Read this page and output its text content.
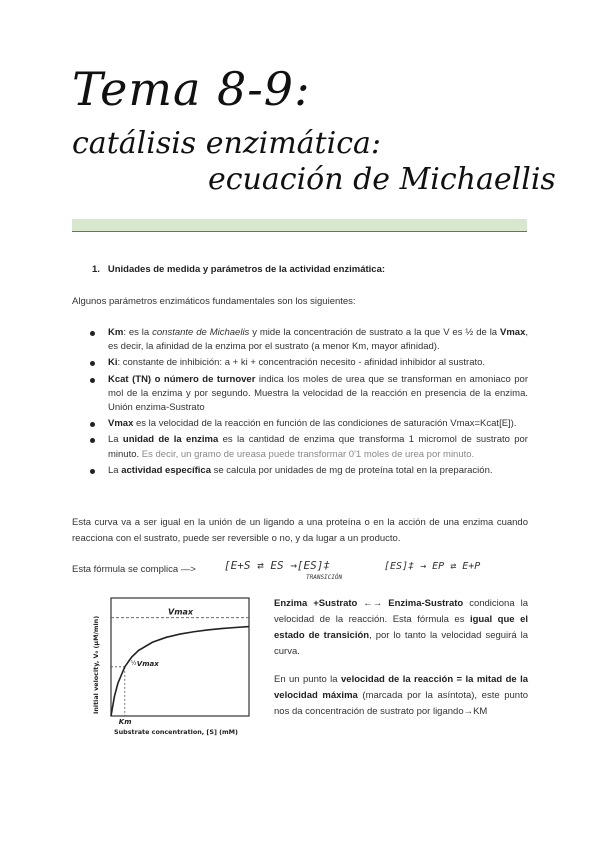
Tema 8-9:
catálisis enzimática:
ecuación de Michaellis
1.   Unidades de medida y parámetros de la actividad enzimática:
Algunos parámetros enzimáticos fundamentales son los siguientes:
Km: es la constante de Michaelis y mide la concentración de sustrato a la que V es ½ de la Vmax, es decir, la afinidad de la enzima por el sustrato (a menor Km, mayor afinidad).
Ki: constante de inhibición: a + ki + concentración necesito - afinidad inhibidor al sustrato.
Kcat (TN) o número de turnover indica los moles de urea que se transforman en amoniaco por mol de la enzima y por segundo. Muestra la velocidad de la reacción en presencia de la enzima. Unión enzima-Sustrato
Vmax es la velocidad de la reacción en función de las condiciones de saturación Vmax=Kcat[E]).
La unidad de la enzima es la cantidad de enzima que transforma 1 micromol de sustrato por minuto. Es decir, un gramo de ureasa puede transformar 0'1 moles de urea por minuto.
La actividad específica se calcula por unidades de mg de proteína total en la preparación.
Esta curva va a ser igual en la unión de un ligando a una proteína o en la acción de una enzima cuando reacciona con el sustrato, puede ser reversible o no, y da lugar a un producto.
Esta fórmula se complica —>	[E+S ⇄ ES →[ES]‡
TRANSICIÓN
[ES]‡ → EP ⇄ E+P
Vmax
½ Vmax
Km
Substrate concentration, [S] (mM)
Initial velocity, V₀ (µM/min)
Enzima +Sustrato ←→ Enzima-Sustrato condiciona la velocidad de la reacción. Esta fórmula es igual que el estado de transición, por lo tanto la velocidad seguirá la curva.
En un punto la velocidad de la reacción = la mitad de la velocidad máxima (marcada por la asíntota), este punto nos da concentración de sustrato por ligando→KM
